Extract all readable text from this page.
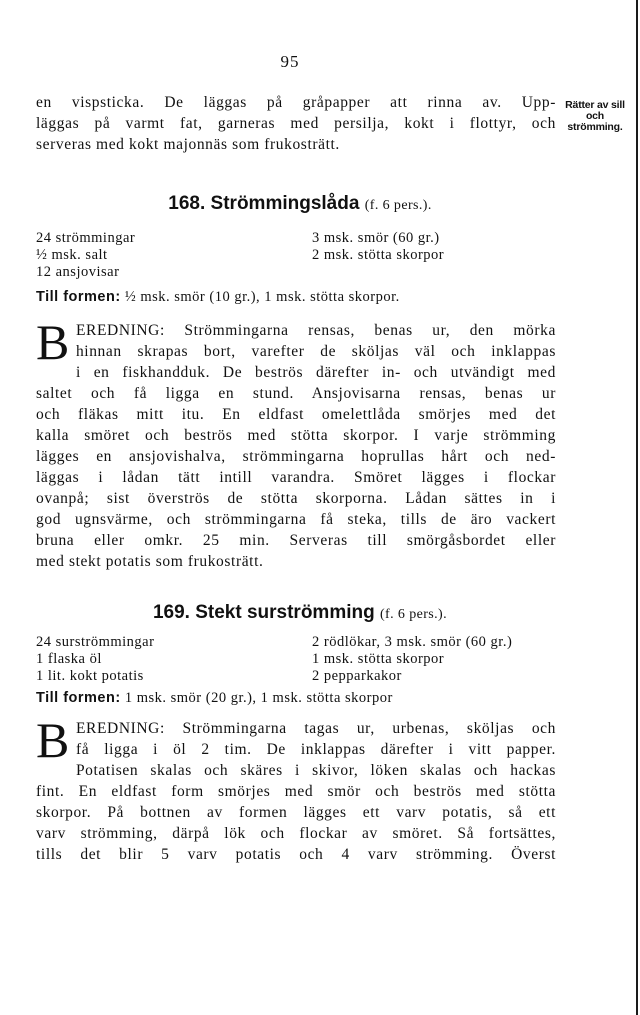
95
Rätter av sill
och
strömming.
en vispsticka. De läggas på gråpapper att rinna av. Upp-
läggas på varmt fat, garneras med persilja, kokt i flottyr, och
serveras med kokt majonnäs som frukosträtt.
168. Strömmingslåda (f. 6 pers.).
24 strömmingar
½ msk. salt
12 ansjovisar
3 msk. smör (60 gr.)
2 msk. stötta skorpor
Till formen: ½ msk. smör (10 gr.), 1 msk. stötta skorpor.
B EREDNING: Strömmingarna rensas, benas ur, den mörka
hinnan skrapas bort, varefter de sköljas väl och inklappas
i en fiskhandduk. De beströs därefter in- och utvändigt med
saltet och få ligga en stund. Ansjovisarna rensas, benas ur
och fläkas mitt itu. En eldfast omelettlåda smörjes med det
kalla smöret och beströs med stötta skorpor. I varje strömming
lägges en ansjovishalva, strömmingarna hoprullas hårt och ned-
läggas i lådan tätt intill varandra. Smöret lägges i flockar
ovanpå; sist överströs de stötta skorporna. Lådan sättes in i
god ugnsvärme, och strömmingarna få steka, tills de äro vackert
bruna eller omkr. 25 min. Serveras till smörgåsbordet eller
med stekt potatis som frukosträtt.
169. Stekt surströmming (f. 6 pers.).
24 surströmmingar
1 flaska öl
1 lit. kokt potatis
2 rödlökar, 3 msk. smör (60 gr.)
1 msk. stötta skorpor
2 pepparkakor
Till formen: 1 msk. smör (20 gr.), 1 msk. stötta skorpor
B EREDNING: Strömmingarna tagas ur, urbenas, sköljas och
få ligga i öl 2 tim. De inklappas därefter i vitt papper.
Potatisen skalas och skäres i skivor, löken skalas och hackas
fint. En eldfast form smörjes med smör och beströs med stötta
skorpor. På bottnen av formen lägges ett varv potatis, så ett
varv strömming, därpå lök och flockar av smöret. Så fortsättes,
tills det blir 5 varv potatis och 4 varv strömming. Överst
